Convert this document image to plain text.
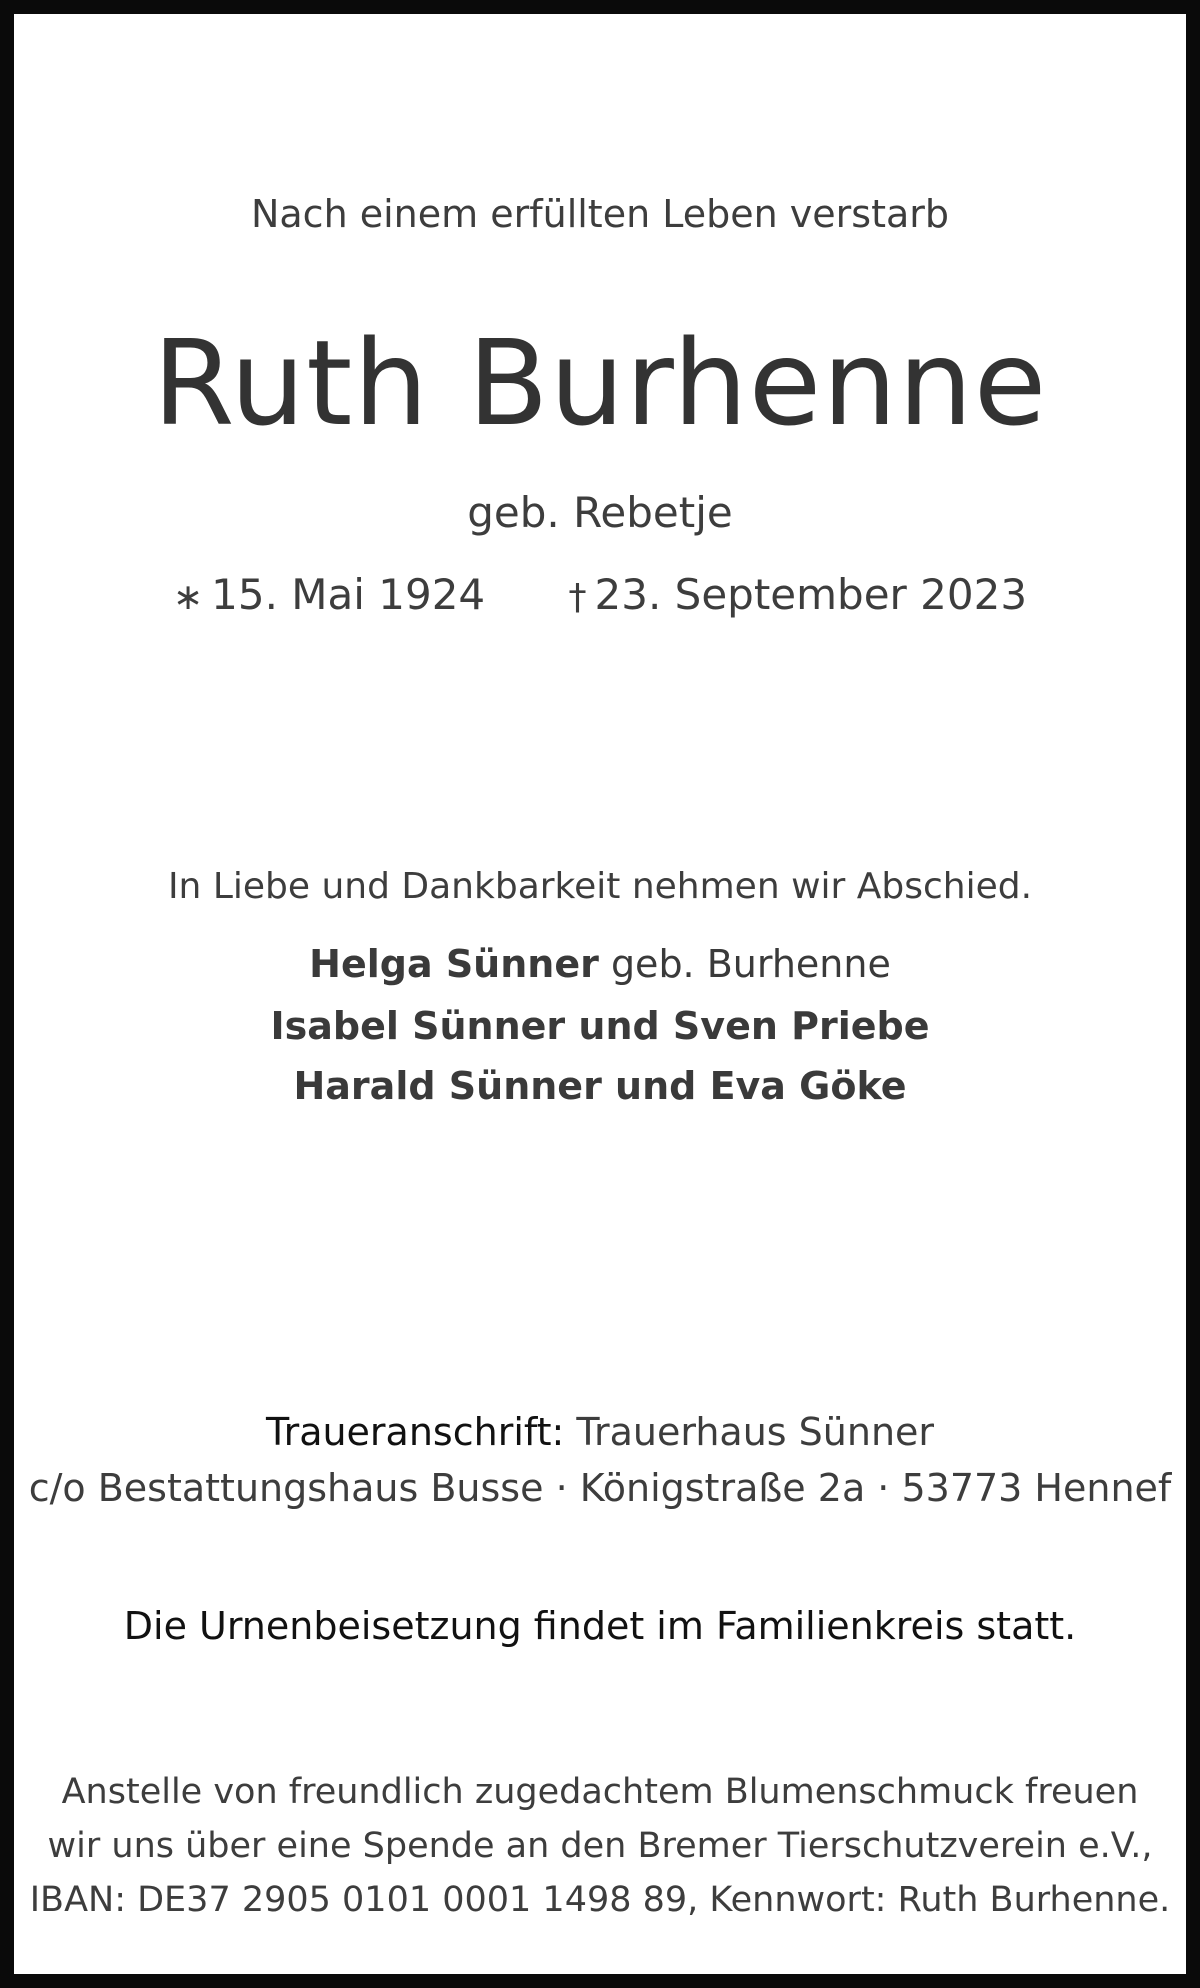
Nach einem erfüllten Leben verstarb
Ruth Burhenne
geb. Rebetje
∗ 15. Mai 1924 † 23. September 2023
In Liebe und Dankbarkeit nehmen wir Abschied.
Helga Sünner geb. Burhenne
Isabel Sünner und Sven Priebe
Harald Sünner und Eva Göke
Traueranschrift: Trauerhaus Sünner
c/o Bestattungshaus Busse · Königstraße 2a · 53773 Hennef
Die Urnenbeisetzung findet im Familienkreis statt.
Anstelle von freundlich zugedachtem Blumenschmuck freuen
wir uns über eine Spende an den Bremer Tierschutzverein e.V.,
IBAN: DE37 2905 0101 0001 1498 89, Kennwort: Ruth Burhenne.
